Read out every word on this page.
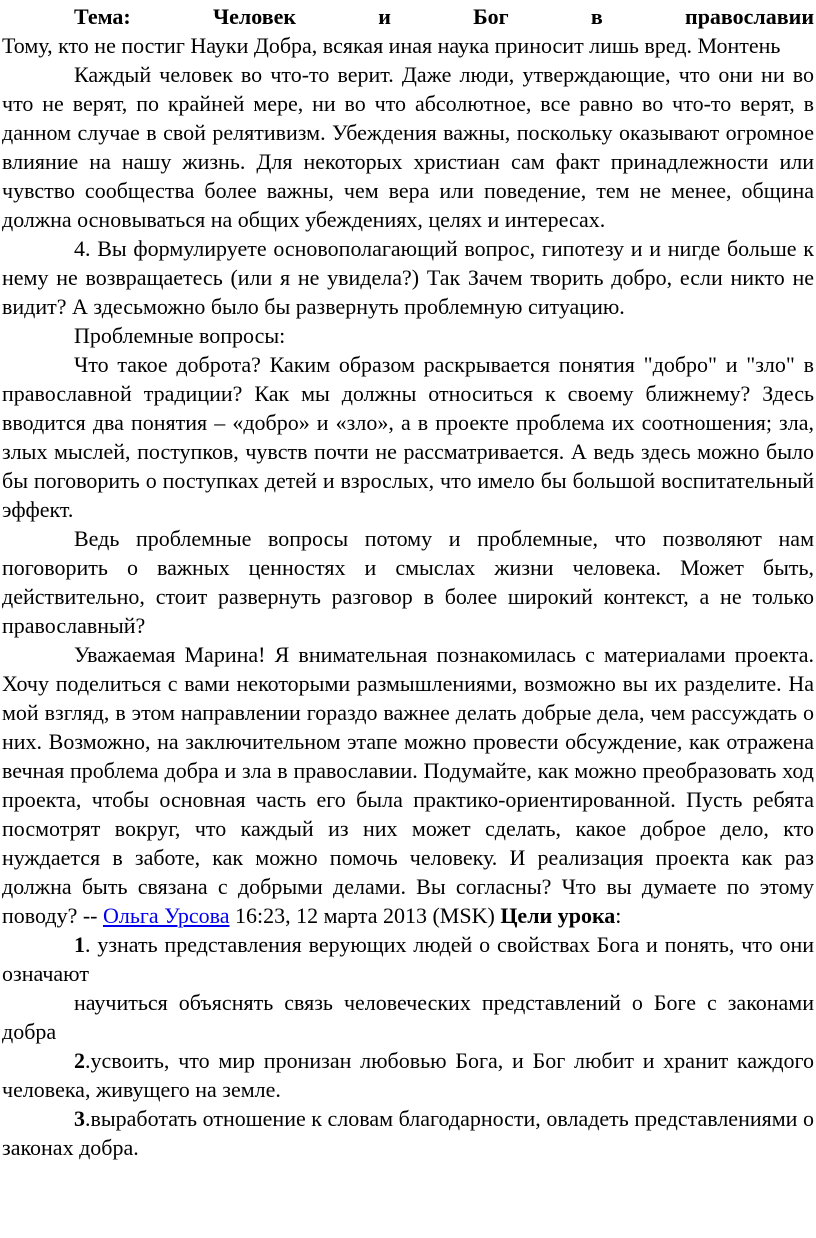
Тема:	Человек	и	Бог	в	православии

Тому, кто не постиг Науки Добра, всякая иная наука приносит лишь вред. Монтень

Каждый человек во что-то верит. Даже люди, утверждающие, что они ни во что не верят, по крайней мере, ни во что абсолютное, все равно во что-то верят, в данном случае в свой релятивизм. Убеждения важны, поскольку оказывают огромное влияние на нашу жизнь. Для некоторых христиан сам факт принадлежности или чувство сообщества более важны, чем вера или поведение, тем не менее, община должна основываться на общих убеждениях, целях и интересах.

4. Вы формулируете основополагающий вопрос, гипотезу и и нигде больше к нему не возвращаетесь (или я не увидела?) Так Зачем творить добро, если никто не видит? А здесьможно было бы развернуть проблемную ситуацию.

Проблемные вопросы:

Что такое доброта? Каким образом раскрывается понятия "добро" и "зло" в православной традиции? Как мы должны относиться к своему ближнему? Здесь вводится два понятия – «добро» и «зло», а в проекте проблема их соотношения; зла, злых мыслей, поступков, чувств почти не рассматривается. А ведь здесь можно было бы поговорить о поступках детей и взрослых, что имело бы большой воспитательный эффект.

Ведь проблемные вопросы потому и проблемные, что позволяют нам поговорить о важных ценностях и смыслах жизни человека. Может быть, действительно, стоит развернуть разговор в более широкий контекст, а не только православный?

Уважаемая Марина! Я внимательная познакомилась с материалами проекта. Хочу поделиться с вами некоторыми размышлениями, возможно вы их разделите. На мой взгляд, в этом направлении гораздо важнее делать добрые дела, чем рассуждать о них. Возможно, на заключительном этапе можно провести обсуждение, как отражена вечная проблема добра и зла в православии. Подумайте, как можно преобразовать ход проекта, чтобы основная часть его была практико-ориентированной. Пусть ребята посмотрят вокруг, что каждый из них может сделать, какое доброе дело, кто нуждается в заботе, как можно помочь человеку. И реализация проекта как раз должна быть связана с добрыми делами. Вы согласны? Что вы думаете по этому поводу? -- Ольга Урсова 16:23, 12 марта 2013 (MSK) Цели урока:

1. узнать представления верующих людей о свойствах Бога и понять, что они означают

научиться объяснять связь человеческих представлений о Боге с законами добра

2.усвоить, что мир пронизан любовью Бога, и Бог любит и хранит каждого человека, живущего на земле.

3.выработать отношение к словам благодарности, овладеть представлениями о законах добра.
